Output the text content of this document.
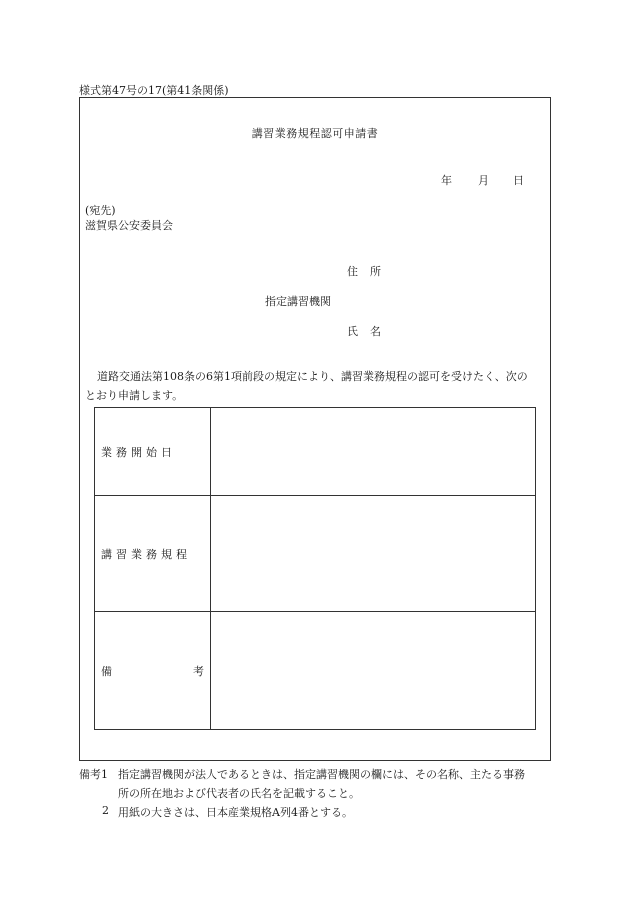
様式第47号の17(第41条関係)
講習業務規程認可申請書
年 月 日
(宛先)
滋賀県公安委員会
住 所
指定講習機関
氏 名
道路交通法第108条の6第1項前段の規定により、講習業務規程の認可を受けたく、次の
とおり申請します。
業務開始日	
講習業務規程	

備 考	

備考1 指定講習機関が法人であるときは、指定講習機関の欄には、その名称、主たる事務
所の所在地および代表者の氏名を記載すること。
2 用紙の大きさは、日本産業規格A列4番とする。
